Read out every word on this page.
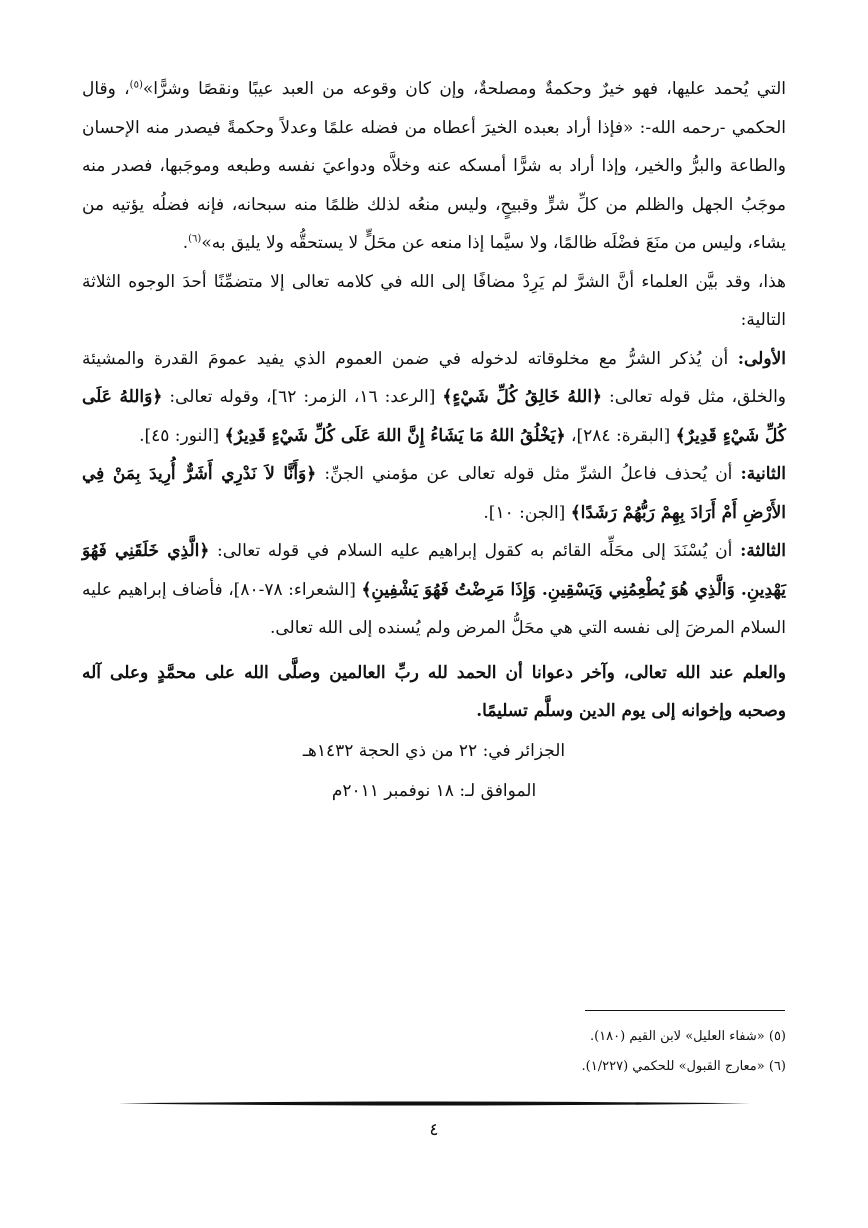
التي يُحمد عليها، فهو خيرٌ وحكمةٌ ومصلحةٌ، وإن كان وقوعه من العبد عيبًا ونقصًا وشرًّا»$^{(٥)}$، وقال الحكمي -رحمه الله-: «فإذا أراد بعبده الخيرَ أعطاه من فضله علمًا وعدلاً وحكمةً فيصدر منه الإحسان والطاعة والبرُّ والخير، وإذا أراد به شرًّا أمسكه عنه وخلاَّه ودواعيَ نفسه وطبعه وموجَبها، فصدر منه موجَبُ الجهل والظلم من كلِّ شرٍّ وقبيحٍ، وليس منعُه لذلك ظلمًا منه سبحانه، فإنه فضلُه يؤتيه من يشاء، وليس من منَعَ فضْلَه ظالمًا، ولا سيَّما إذا منعه عن محَلٍّ لا يستحقُّه ولا يليق به»$^{(٦)}$.

هذا، وقد بيَّن العلماء أنَّ الشرَّ لم يَرِدْ مضافًا إلى الله في كلامه تعالى إلا متضمِّنًا أحدَ الوجوه الثلاثة التالية:

الأولى: أن يُذكر الشرُّ مع مخلوقاته لدخوله في ضمن العموم الذي يفيد عمومَ القدرة والمشيئة والخلق، مثل قوله تعالى: ﴿اللهُ خَالِقُ كُلِّ شَيْءٍ﴾ [الرعد: ١٦، الزمر: ٦٢]، وقوله تعالى: ﴿وَاللهُ عَلَى كُلِّ شَيْءٍ قَدِيرٌ﴾ [البقرة: ٢٨٤]، ﴿يَخْلُقُ اللهُ مَا يَشَاءُ إِنَّ اللهَ عَلَى كُلِّ شَيْءٍ قَدِيرٌ﴾ [النور: ٤٥].

الثانية: أن يُحذف فاعلُ الشرِّ مثل قوله تعالى عن مؤمني الجنِّ: ﴿وَأَنَّا لاَ نَدْرِي أَشَرٌّ أُرِيدَ بِمَنْ فِي الأَرْضِ أَمْ أَرَادَ بِهِمْ رَبُّهُمْ رَشَدًا﴾ [الجن: ١٠].

الثالثة: أن يُسْنَدَ إلى محَلِّه القائم به كقول إبراهيم عليه السلام في قوله تعالى: ﴿الَّذِي خَلَقَنِي فَهُوَ يَهْدِينِ. وَالَّذِي هُوَ يُطْعِمُنِي وَيَسْقِينِ. وَإِذَا مَرِضْتُ فَهُوَ يَشْفِينِ﴾ [الشعراء: ٧٨-٨٠]، فأضاف إبراهيم عليه السلام المرضَ إلى نفسه التي هي محَلُّ المرض ولم يُسنده إلى الله تعالى.

والعلم عند الله تعالى، وآخر دعوانا أن الحمد لله ربِّ العالمين وصلَّى الله على محمَّدٍ وعلى آله وصحبه وإخوانه إلى يوم الدين وسلَّم تسليمًا.

الجزائر في: ٢٢ من ذي الحجة ١٤٣٢هـ

الموافق لـ: ١٨ نوفمبر ٢٠١١م

(٥) «شفاء العليل» لابن القيم (١٨٠).

(٦) «معارج القبول» للحكمي (١/٢٢٧).

٤
